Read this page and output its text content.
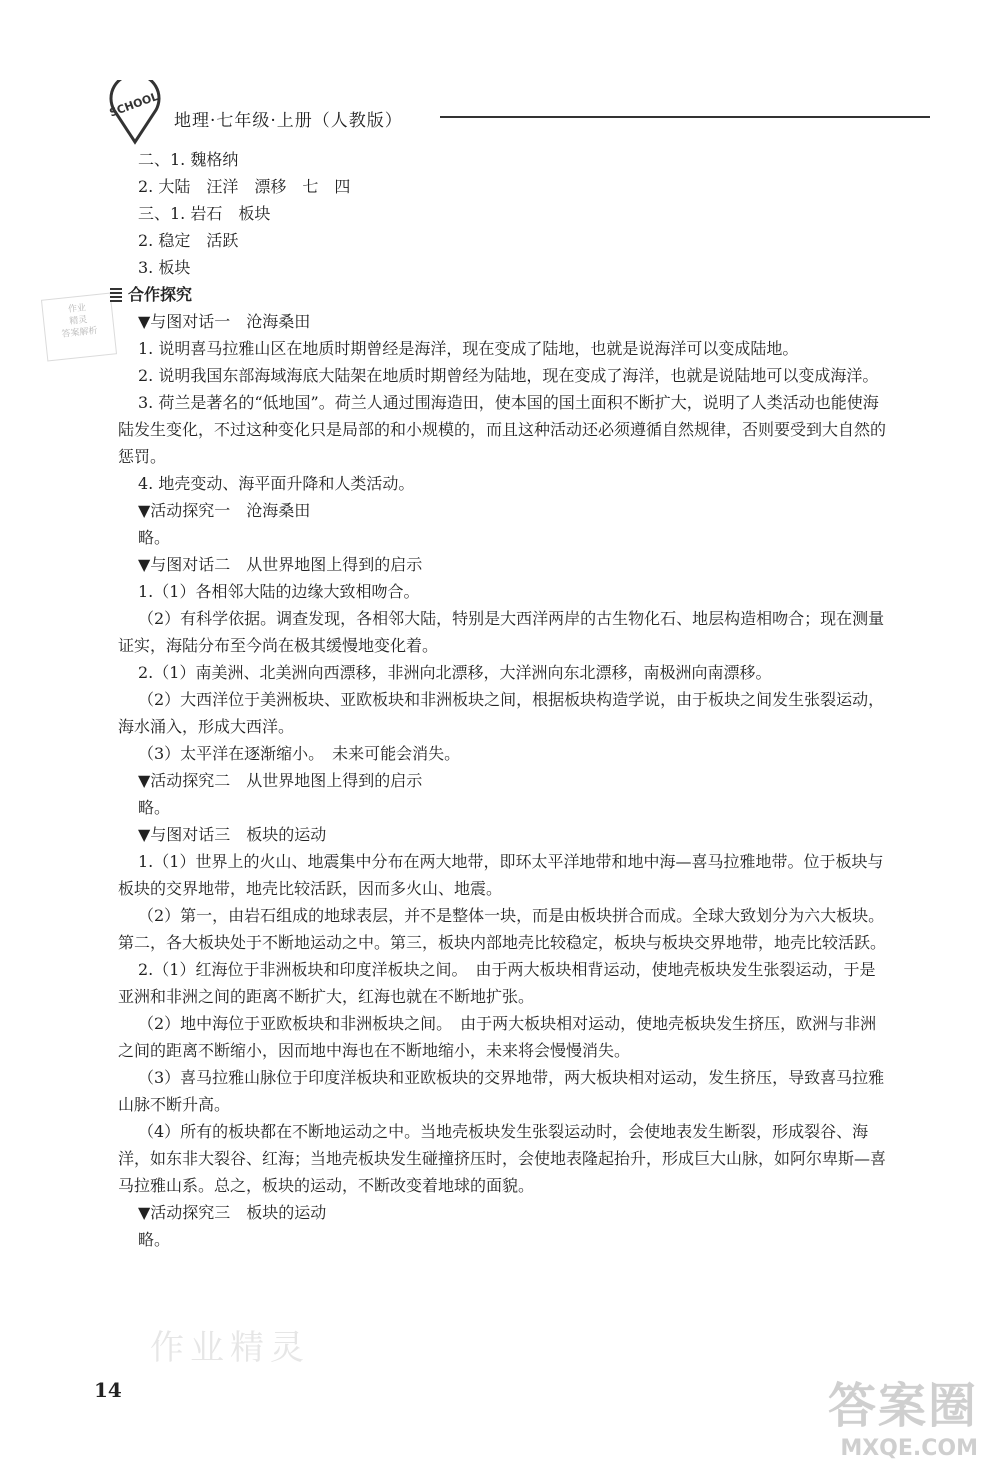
SCHOOL
地理·七年级·上册（人教版）
作业
精灵
答案解析
二、1. 魏格纳
2. 大陆　汪洋　漂移　七　四
三、1. 岩石　板块
2. 稳定　活跃
3. 板块
合作探究
▼与图对话一　沧海桑田
1. 说明喜马拉雅山区在地质时期曾经是海洋，现在变成了陆地，也就是说海洋可以变成陆地。
2. 说明我国东部海域海底大陆架在地质时期曾经为陆地，现在变成了海洋，也就是说陆地可以变成海洋。
3. 荷兰是著名的“低地国”。荷兰人通过围海造田，使本国的国土面积不断扩大，说明了人类活动也能使海陆发生变化，不过这种变化只是局部的和小规模的，而且这种活动还必须遵循自然规律，否则要受到大自然的惩罚。
4. 地壳变动、海平面升降和人类活动。
▼活动探究一　沧海桑田
略。
▼与图对话二　从世界地图上得到的启示
1.（1）各相邻大陆的边缘大致相吻合。
（2）有科学依据。调查发现，各相邻大陆，特别是大西洋两岸的古生物化石、地层构造相吻合；现在测量证实，海陆分布至今尚在极其缓慢地变化着。
2.（1）南美洲、北美洲向西漂移，非洲向北漂移，大洋洲向东北漂移，南极洲向南漂移。
（2）大西洋位于美洲板块、亚欧板块和非洲板块之间，根据板块构造学说，由于板块之间发生张裂运动，海水涌入，形成大西洋。
（3）太平洋在逐渐缩小。　未来可能会消失。
▼活动探究二　从世界地图上得到的启示
略。
▼与图对话三　板块的运动
1.（1）世界上的火山、地震集中分布在两大地带，即环太平洋地带和地中海—喜马拉雅地带。位于板块与板块的交界地带，地壳比较活跃，因而多火山、地震。
（2）第一，由岩石组成的地球表层，并不是整体一块，而是由板块拼合而成。全球大致划分为六大板块。第二，各大板块处于不断地运动之中。第三，板块内部地壳比较稳定，板块与板块交界地带，地壳比较活跃。
2.（1）红海位于非洲板块和印度洋板块之间。　由于两大板块相背运动，使地壳板块发生张裂运动，于是亚洲和非洲之间的距离不断扩大，红海也就在不断地扩张。
（2）地中海位于亚欧板块和非洲板块之间。　由于两大板块相对运动，使地壳板块发生挤压，欧洲与非洲之间的距离不断缩小，因而地中海也在不断地缩小，未来将会慢慢消失。
（3）喜马拉雅山脉位于印度洋板块和亚欧板块的交界地带，两大板块相对运动，发生挤压，导致喜马拉雅山脉不断升高。
（4）所有的板块都在不断地运动之中。当地壳板块发生张裂运动时，会使地表发生断裂，形成裂谷、海洋，如东非大裂谷、红海；当地壳板块发生碰撞挤压时，会使地表隆起抬升，形成巨大山脉，如阿尔卑斯—喜马拉雅山系。总之，板块的运动，不断改变着地球的面貌。
▼活动探究三　板块的运动
略。
作业精灵
14	答案圈
MXQE.COM
